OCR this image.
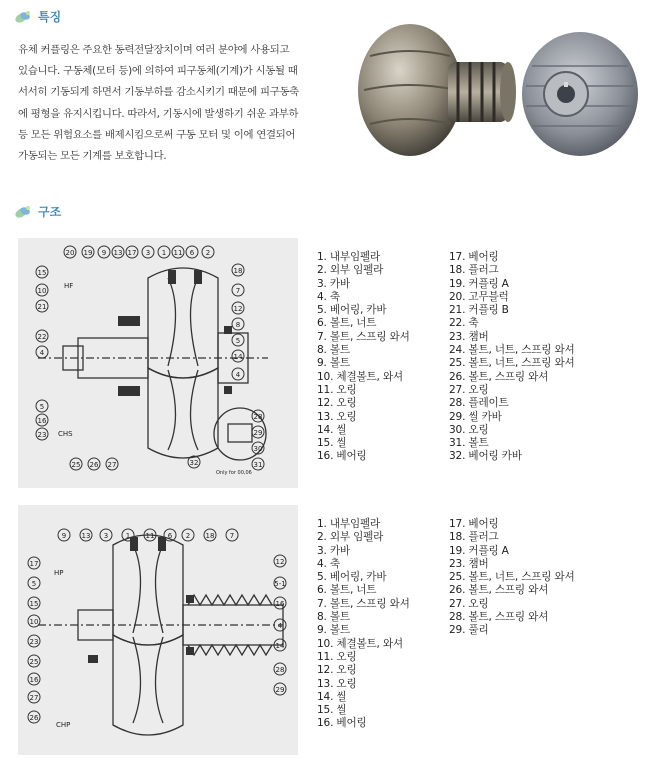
특징

유체 커플링은 주요한 동력전달장치이며 여러 분야에 사용되고 있습니다. 구동체(모터 등)에 의하여 피구동체(기계)가 시동될 때 서서히 기동되게 하면서 기동부하를 감소시키기 때문에 피구동축에 평형을 유지시킵니다. 따라서, 기동시에 발생하기 쉬운 과부하 등 모든 위험요소를 배제시킴으로써 구동 모터 및 이에 연결되어 가동되는 모든 기계를 보호합니다.

구조
20 19 9 13 17 3 1 11 6 2
15
10
21
22
4
5
16
23
25 26 27
18
7
12
8
5
14
4
28
29
30
31
32
HF
CHS
Only for 00,06
1. 내부임펠라
2. 외부 임펠라
3. 카바
4. 축
5. 베어링, 카바
6. 볼트, 너트
7. 볼트, 스프링 와셔
8. 볼트
9. 볼트
10. 체결볼트, 와셔
11. 오링
12. 오링
13. 오링
14. 씰
15. 씰
16. 베어링
17. 베어링
18. 플러그
19. 커플링 A
20. 고무블럭
21. 커플링 B
22. 축
23. 챔버
24. 볼트, 너트, 스프링 와셔
25. 볼트, 너트, 스프링 와셔
26. 볼트, 스프링 와셔
27. 오링
28. 플레이트
29. 씰 카바
30. 오링
31. 볼트
32. 베어링 카바
9 13 3	1 11 6 2 18 7
17
5
15
10
23
25
16
27
26
12
5-1
16
4
14
28
29
HP
CHP
1. 내부임펠라
2. 외부 임펠라
3. 카바
4. 축
5. 베어링, 카바
6. 볼트, 너트
7. 볼트, 스프링 와셔
8. 볼트
9. 볼트
10. 체결볼트, 와셔
11. 오링
12. 오링
13. 오링
14. 씰
15. 씰
16. 베어링
17. 베어링
18. 플러그
19. 커플링 A
23. 챔버
25. 볼트, 너트, 스프링 와셔
26. 볼트, 스프링 와셔
27. 오링
28. 볼트, 스프링 와셔
29. 풀리
